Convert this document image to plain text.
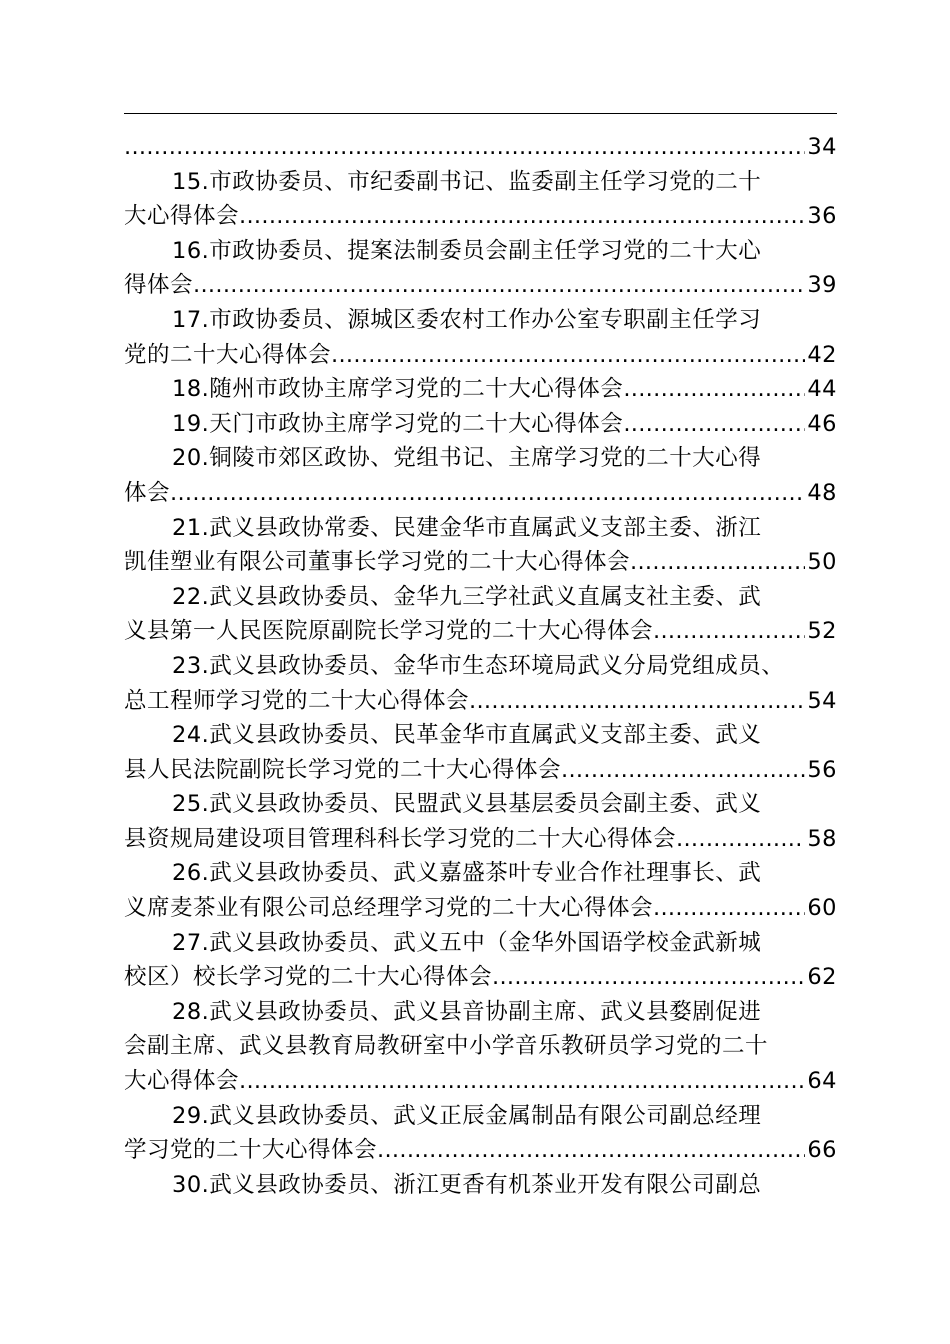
.....
34
15. 市政协委员、市纪委副书记、监委副主任学习党的二十
大心得体会 .....	36
16. 市政协委员、提案法制委员会副主任学习党的二十大心
得体会 .....	39
17. 市政协委员、源城区委农村工作办公室专职副主任学习
党的二十大心得体会 .....	42
18. 随州市政协主席学习党的二十大心得体会 .....	44
19. 天门市政协主席学习党的二十大心得体会 .....	46
20. 铜陵市郊区政协、党组书记、主席学习党的二十大心得
体会 .....	48
21. 武义县政协常委、民建金华市直属武义支部主委、浙江
凯佳塑业有限公司董事长学习党的二十大心得体会 .....	50
22. 武义县政协委员、金华九三学社武义直属支社主委、武
义县第一人民医院原副院长学习党的二十大心得体会 .....	52
23. 武义县政协委员、金华市生态环境局武义分局党组成员、
总工程师学习党的二十大心得体会 .....	54
24. 武义县政协委员、民革金华市直属武义支部主委、武义
县人民法院副院长学习党的二十大心得体会 .....	56
25. 武义县政协委员、民盟武义县基层委员会副主委、武义
县资规局建设项目管理科科长学习党的二十大心得体会 .....	58
26. 武义县政协委员、武义嘉盛茶叶专业合作社理事长、武
义席麦茶业有限公司总经理学习党的二十大心得体会 .....	60
27. 武义县政协委员、武义五中（金华外国语学校金武新城
校区）校长学习党的二十大心得体会 .....	62
28. 武义县政协委员、武义县音协副主席、武义县婺剧促进
会副主席、武义县教育局教研室中小学音乐教研员学习党的二十
大心得体会 .....	64
29. 武义县政协委员、武义正辰金属制品有限公司副总经理
学习党的二十大心得体会 .....	66
30. 武义县政协委员、浙江更香有机茶业开发有限公司副总
